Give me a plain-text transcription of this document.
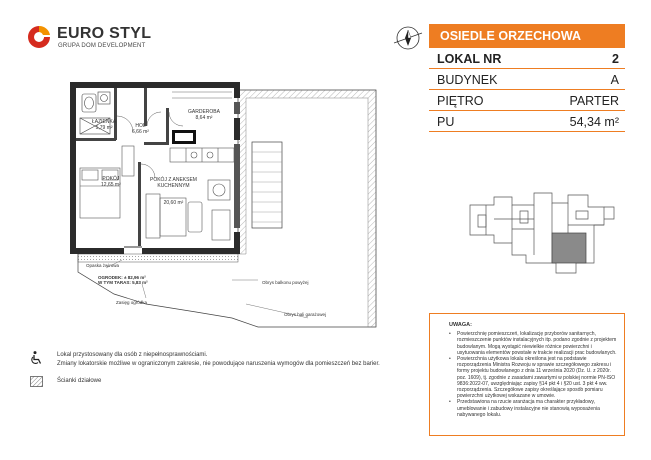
EURO STYL
GRUPA DOM DEVELOPMENT
OSIEDLE ORZECHOWA
LOKAL NR	2
BUDYNEK	A
PIĘTRO	PARTER
PU	54,34 m²
ŁAZIENKA
5,79 m²	HOL
6,66 m²
GARDEROBA
8,64 m²
POKÓJ
12,65 m²

POKÓJ Z ANEKSEM
KUCHENNYM

20,60 m²

OGRODEK: ± 82,96 m²
W TYM TARAS: 5,83 m²
Opaska żwirowa
Zasięg ogródka
Obrys balkonu powyżej
Obrys hali garażowej
Lokal przystosowany dla osób z niepełnosprawnościami.
Zmiany lokatorskie możliwe w ograniczonym zakresie, nie powodujące naruszenia wymogów dla pomieszczeń bez barier.
Ścianki działowe
UWAGA:
• Powierzchnię pomieszczeń, lokalizację przyborów sanitarnych, rozmieszczenie punktów instalacyjnych itp. podano zgodnie z projektem budowlanym. Mogą wystąpić niewielkie różnice powierzchni i usytuowania elementów powstałe w trakcie realizacji prac budowlanych.
• Powierzchnia użytkowa lokalu określona jest na podstawie rozporządzenia Ministra Rozwoju w sprawie szczegółowego zakresu i formy projektu budowlanego z dnia 11 września 2020 (Dz. U. z 2020r. poz. 1609), tj. zgodnie z zasadami zawartymi w polskiej normie PN-ISO 9836:2022-07, uwzględniając zapisy §14 pkt 4 i §20 ust. 3 pkt 4 ww. rozporządzenia. Szczegółowe zapisy określające sposób pomiaru powierzchni użytkowej wskazane w umowie.
• Przedstawiona na rzucie aranżacja ma charakter przykładowy, umeblowanie i zabudowy instalacyjne nie stanowią wyposażenia nabywanego lokalu.
